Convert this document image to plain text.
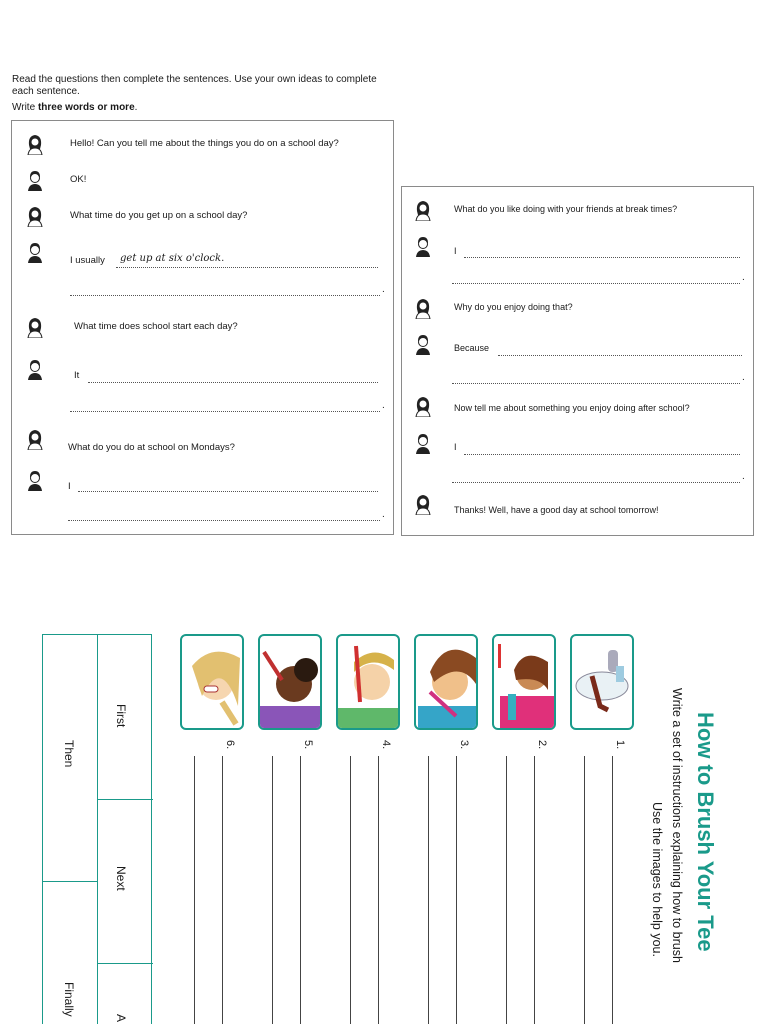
Read the questions then complete the sentences. Use your own ideas to complete
each sentence.
Write three words or more.
Hello! Can you tell me about the things you do on a school day?
OK!
What time do you get up on a school day?
I usually get up at six o'clock.
.
What time does school start each day?
It
.
What do you do at school on Mondays?
I
.
What do you like doing with your friends at break times?
I
.
Why do you enjoy doing that?
Because
.
Now tell me about something you enjoy doing after school?
I
.
Thanks! Well, have a good day at school tomorrow!
How to Brush Your Tee
Write a set of instructions explaining how to brush
Use the images to help you.
1.
2.
3.
4.
5.
6.
First
Next
Then
Finally
A
